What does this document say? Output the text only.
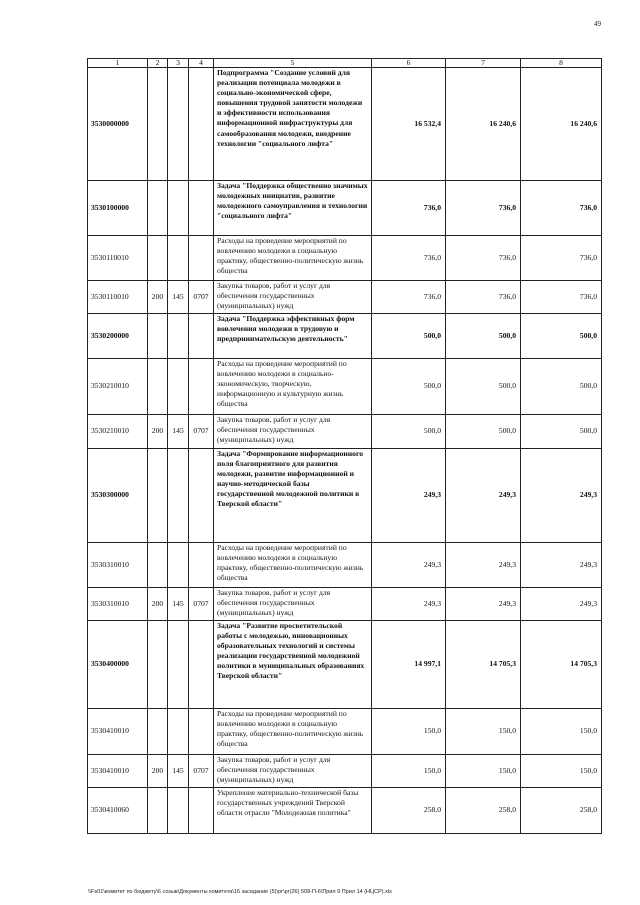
49
1	2	3	4	5	6	7	8
3530000000				Подпрограмма "Создание условий для реализации потенциала молодежи в социально-экономической сфере, повышения трудовой занятости молодежи и эффективности использования информационной инфраструктуры для самообразования молодежи, внедрение технологии "социального лифта"	16 532,4	16 240,6	16 240,6
3530100000				Задача "Поддержка общественно значимых молодежных инициатив, развитие молодежного самоуправления и технологии "социального лифта"	736,0	736,0	736,0
3530110010				Расходы на проведение мероприятий по вовлечению молодежи в социальную практику, общественно-политическую жизнь общества	736,0	736,0	736,0
3530110010	200	145	0707	Закупка товаров, работ и услуг для обеспечения государственных (муниципальных) нужд	736,0	736,0	736,0
3530200000				Задача "Поддержка эффективных форм вовлечения молодежи в трудовую и предпринимательскую деятельность"	500,0	500,0	500,0
3530210010				Расходы на проведение мероприятий по вовлечению молодежи в социально-экономическую, творческую, информационную и культурную жизнь общества	500,0	500,0	500,0
3530210010	200	145	0707	Закупка товаров, работ и услуг для обеспечения государственных (муниципальных) нужд	500,0	500,0	500,0
3530300000				Задача "Формирование информационного поля благоприятного для развития молодежи, развитие информационной и научно-методической базы государственной молодежной политики в Тверской области"	249,3	249,3	249,3
3530310010				Расходы на проведение мероприятий по вовлечению молодежи в социальную практику, общественно-политическую жизнь общества	249,3	249,3	249,3
3530310010	200	145	0707	Закупка товаров, работ и услуг для обеспечения государственных (муниципальных) нужд	249,3	249,3	249,3
3530400000				Задача "Развитие просветительской работы с молодежью, инновационных образовательных технологий и системы реализации государственной молодежной политики в муниципальных образованиях Тверской области"	14 997,1	14 705,3	14 705,3
3530410010				Расходы на проведение мероприятий по вовлечению молодежи в социальную практику, общественно-политическую жизнь общества	150,0	150,0	150,0
3530410010	200	145	0707	Закупка товаров, работ и услуг для обеспечения государственных (муниципальных) нужд	150,0	150,0	150,0
3530410060				Укрепление материально-технической базы государственных учреждений Тверской области отрасли "Молодежная политика"	258,0	258,0	258,0
\\Fs01\комитет по бюджету\6 созыв\Документы комитета\16 заседание (5)\рг\рг(26) 508-П-6\Прил 9 Прил 14 (НЦСР).xls
